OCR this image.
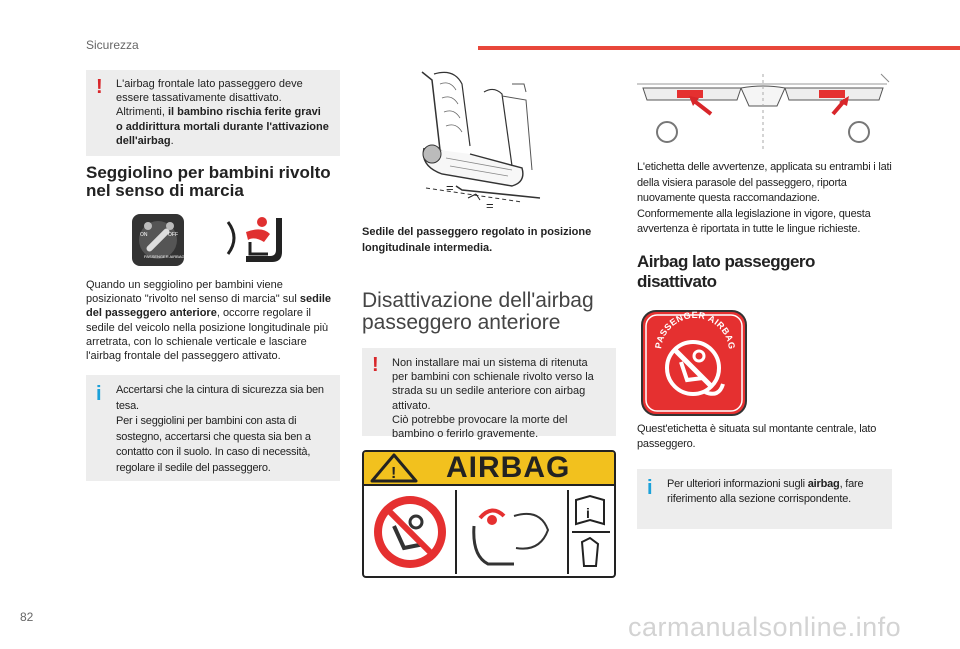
Sicurezza
! L'airbag frontale lato passeggero deve essere tassativamente disattivato.
Altrimenti, il bambino rischia ferite gravi o addirittura mortali durante l'attivazione dell'airbag.
Seggiolino per bambini rivolto nel senso di marcia
ON	OFF
PASSENGER AIRBAG
Quando un seggiolino per bambini viene posizionato "rivolto nel senso di marcia" sul sedile del passeggero anteriore, occorre regolare il sedile del veicolo nella posizione longitudinale più arretrata, con lo schienale verticale e lasciare l'airbag frontale del passeggero attivato.
i Accertarsi che la cintura di sicurezza sia ben tesa.
Per i seggiolini per bambini con asta di sostegno, accertarsi che questa sia ben a contatto con il suolo. In caso di necessità, regolare il sedile del passeggero.
=
=
Sedile del passeggero regolato in posizione longitudinale intermedia.
Disattivazione dell'airbag passeggero anteriore
! Non installare mai un sistema di ritenuta per bambini con schienale rivolto verso la strada su un sedile anteriore con airbag attivato.
Ciò potrebbe provocare la morte del bambino o ferirlo gravemente.
! AIRBAG
i
L'etichetta delle avvertenze, applicata su entrambi i lati della visiera parasole del passeggero, riporta nuovamente questa raccomandazione.
Conformemente alla legislazione in vigore, questa avvertenza è riportata in tutte le lingue richieste.
Airbag lato passeggero disattivato
PASSENGER AIRBAG
Quest'etichetta è situata sul montante centrale, lato passeggero.
i Per ulteriori informazioni sugli airbag, fare riferimento alla sezione corrispondente.
82	carmanualsonline.info
